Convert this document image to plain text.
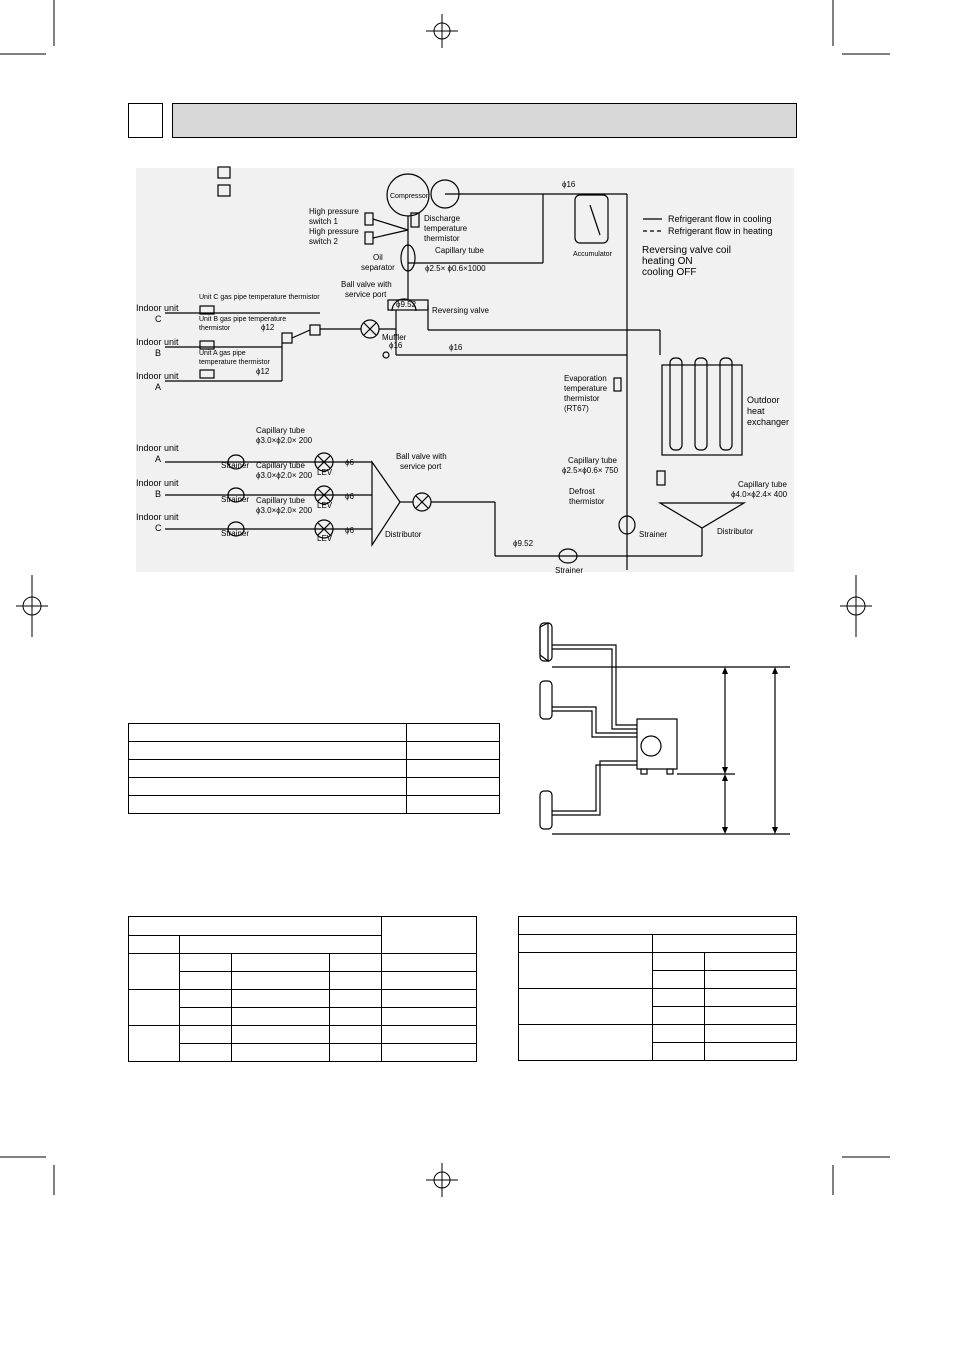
Refrigerant flow in cooling
Refrigerant flow in heating
Reversing valve coil
heating ON
cooling OFF
Compressor
ϕ16
Accumulator
High pressure
switch 1
High pressure
switch 2
Discharge
temperature
thermistor
Oil
separator
Capillary tube
ϕ2.5× ϕ0.6×1000
Ball valve with
service port
ϕ9.52
Reversing valve
Unit C gas pipe temperature thermistor
Unit B gas pipe temperature
thermistor
Unit A gas pipe
temperature thermistor
ϕ12
ϕ12
Muffler
ϕ16	ϕ16
Indoor unit
C
Indoor unit
B
Indoor unit
A
Evaporation
temperature
thermistor
(RT67)
Outdoor
heat
exchanger
Capillary tube
ϕ3.0×ϕ2.0× 200
Capillary tube
ϕ3.0×ϕ2.0× 200
Capillary tube
ϕ3.0×ϕ2.0× 200
Indoor unit
A
Indoor unit
B
Indoor unit
C
Strainer
Strainer
Strainer
LEV
LEV
LEV
ϕ6
ϕ6
ϕ6
Ball valve with
service port
Distributor
Capillary tube
ϕ2.5×ϕ0.6× 750
Defrost
thermistor
Capillary tube
ϕ4.0×ϕ2.4× 400
Distributor
Strainer
ϕ9.52
Strainer
